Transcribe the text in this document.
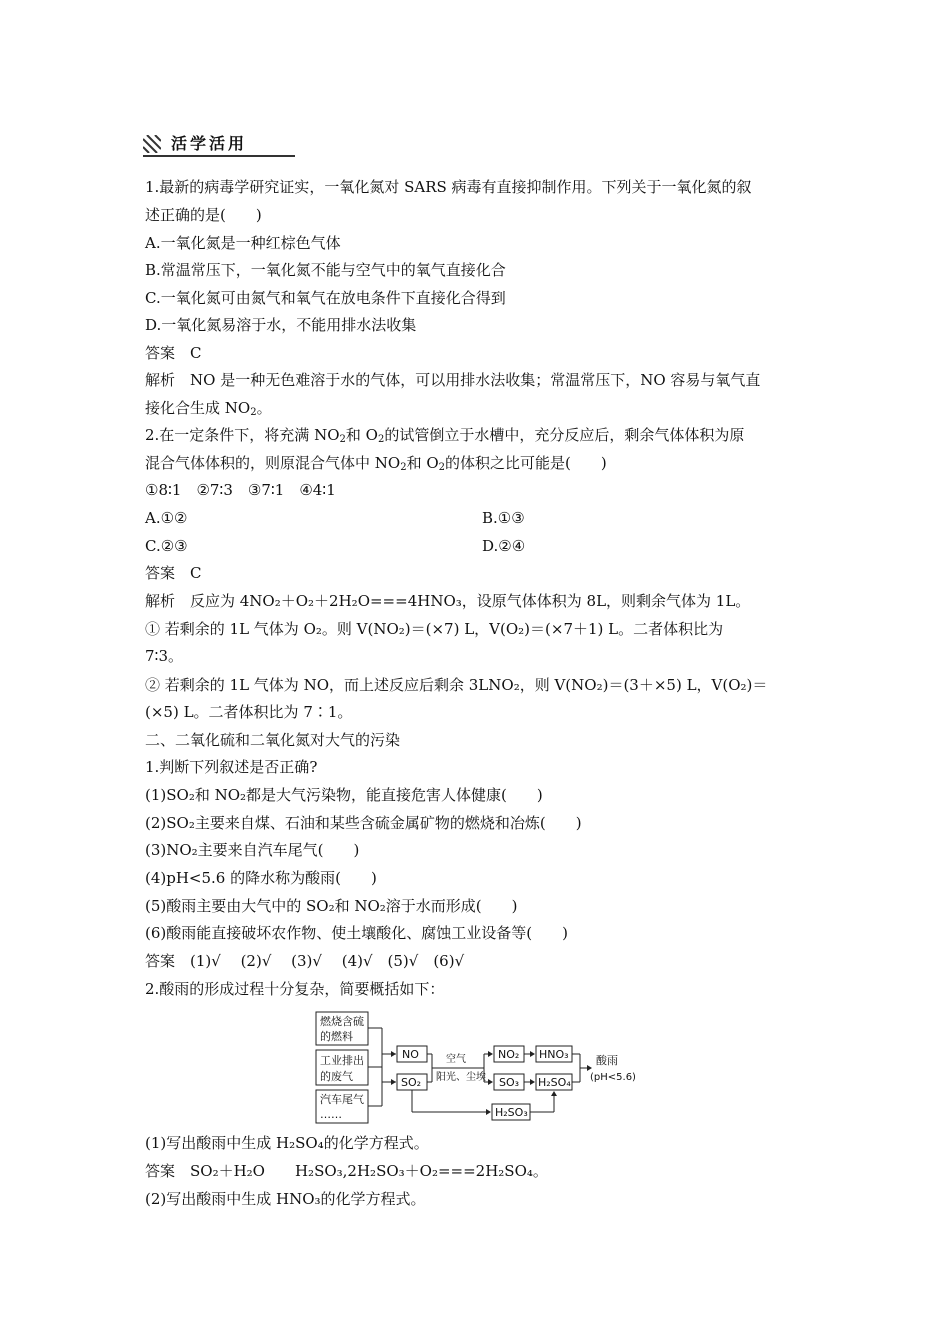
活学活用
1.最新的病毒学研究证实，一氧化氮对 SARS 病毒有直接抑制作用。下列关于一氧化氮的叙
述正确的是(　　)
A.一氧化氮是一种红棕色气体
B.常温常压下，一氧化氮不能与空气中的氧气直接化合
C.一氧化氮可由氮气和氧气在放电条件下直接化合得到
D.一氧化氮易溶于水，不能用排水法收集
答案　C
解析　NO 是一种无色难溶于水的气体，可以用排水法收集；常温常压下，NO 容易与氧气直
接化合生成 $NO_2$。
2.在一定条件下，将充满 $NO_2$和 $O_2$的试管倒立于水槽中，充分反应后，剩余气体体积为原
混合气体体积的，则原混合气体中 $NO_2$和 $O_2$的体积之比可能是(　　)
①8∶1　②7∶3　③7∶1　④4∶1
A.①②	B.①③
C.②③	D.②④
答案　C
解析　反应为 4NO₂＋O₂＋2H₂O===4HNO₃，设原气体体积为 8L，则剩余气体为 1L。
① 若剩余的 1L 气体为 O₂。则 V(NO₂)＝(×7) L，V(O₂)＝(×7＋1) L。二者体积比为
7∶3。
② 若剩余的 1L 气体为 NO，而上述反应后剩余 3LNO₂，则 V(NO₂)＝(3＋×5) L，V(O₂)＝
(×5) L。二者体积比为 7∶1。
二、二氧化硫和二氧化氮对大气的污染
1.判断下列叙述是否正确?
(1)SO₂和 NO₂都是大气污染物，能直接危害人体健康(　　)
(2)SO₂主要来自煤、石油和某些含硫金属矿物的燃烧和冶炼(　　)
(3)NO₂主要来自汽车尾气(　　)
(4)pH<5.6 的降水称为酸雨(　　)
(5)酸雨主要由大气中的 SO₂和 NO₂溶于水而形成(　　)
(6)酸雨能直接破坏农作物、使土壤酸化、腐蚀工业设备等(　　)
答案　(1)√　 (2)√　 (3)√　 (4)√　(5)√　(6)√
2.酸雨的形成过程十分复杂，简要概括如下：
燃烧含硫
的燃料
工业排出
的废气
汽车尾气
……
NO
SO₂
空气
阳光、尘埃
NO₂
SO₃
HNO₃
H₂SO₄
H₂SO₃
酸雨
(pH<5.6)
(1)写出酸雨中生成 H₂SO₄的化学方程式。
答案　SO₂＋H₂O　　H₂SO₃,2H₂SO₃＋O₂===2H₂SO₄。
(2)写出酸雨中生成 HNO₃的化学方程式。
